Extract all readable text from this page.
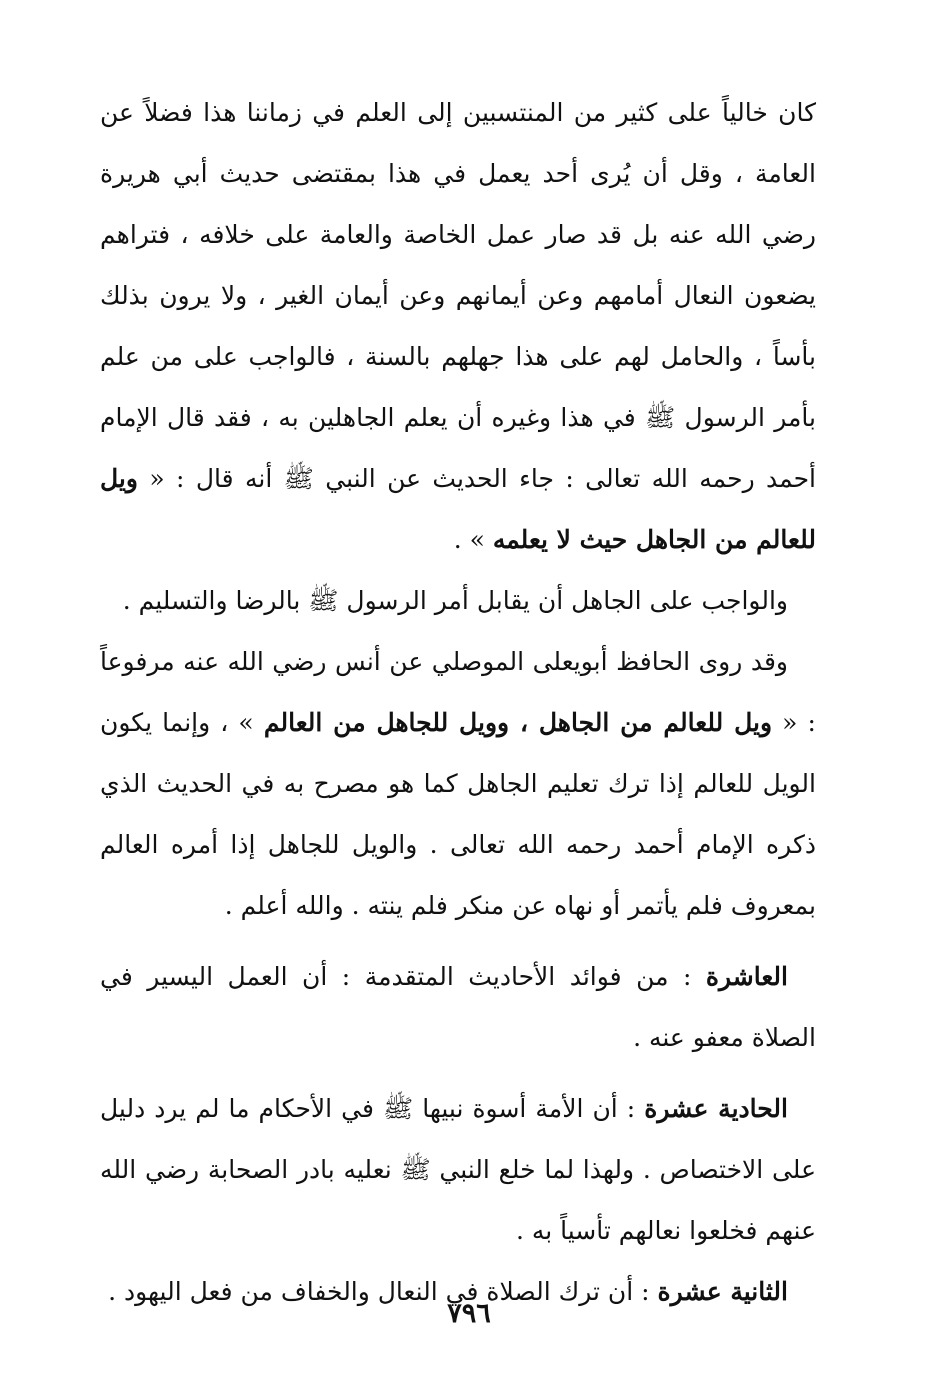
كان خالياً على كثير من المنتسبين إلى العلم في زماننا هذا فضلاً عن العامة ، وقل أن يُرى أحد يعمل في هذا بمقتضى حديث أبي هريرة رضي الله عنه بل قد صار عمل الخاصة والعامة على خلافه ، فتراهم يضعون النعال أمامهم وعن أيمانهم وعن أيمان الغير ، ولا يرون بذلك بأساً ، والحامل لهم على هذا جهلهم بالسنة ، فالواجب على من علم بأمر الرسول ﷺ في هذا وغيره أن يعلم الجاهلين به ، فقد قال الإمام أحمد رحمه الله تعالى : جاء الحديث عن النبي ﷺ أنه قال : « ويل للعالم من الجاهل حيث لا يعلمه » .

والواجب على الجاهل أن يقابل أمر الرسول ﷺ بالرضا والتسليم .

وقد روى الحافظ أبويعلى الموصلي عن أنس رضي الله عنه مرفوعاً : « ويل للعالم من الجاهل ، وويل للجاهل من العالم » ، وإنما يكون الويل للعالم إذا ترك تعليم الجاهل كما هو مصرح به في الحديث الذي ذكره الإمام أحمد رحمه الله تعالى . والويل للجاهل إذا أمره العالم بمعروف فلم يأتمر أو نهاه عن منكر فلم ينته . والله أعلم .

العاشرة : من فوائد الأحاديث المتقدمة : أن العمل اليسير في الصلاة معفو عنه .

الحادية عشرة : أن الأمة أسوة نبيها ﷺ في الأحكام ما لم يرد دليل على الاختصاص . ولهذا لما خلع النبي ﷺ نعليه بادر الصحابة رضي الله عنهم فخلعوا نعالهم تأسياً به .

الثانية عشرة : أن ترك الصلاة في النعال والخفاف من فعل اليهود .

٧٩٦
